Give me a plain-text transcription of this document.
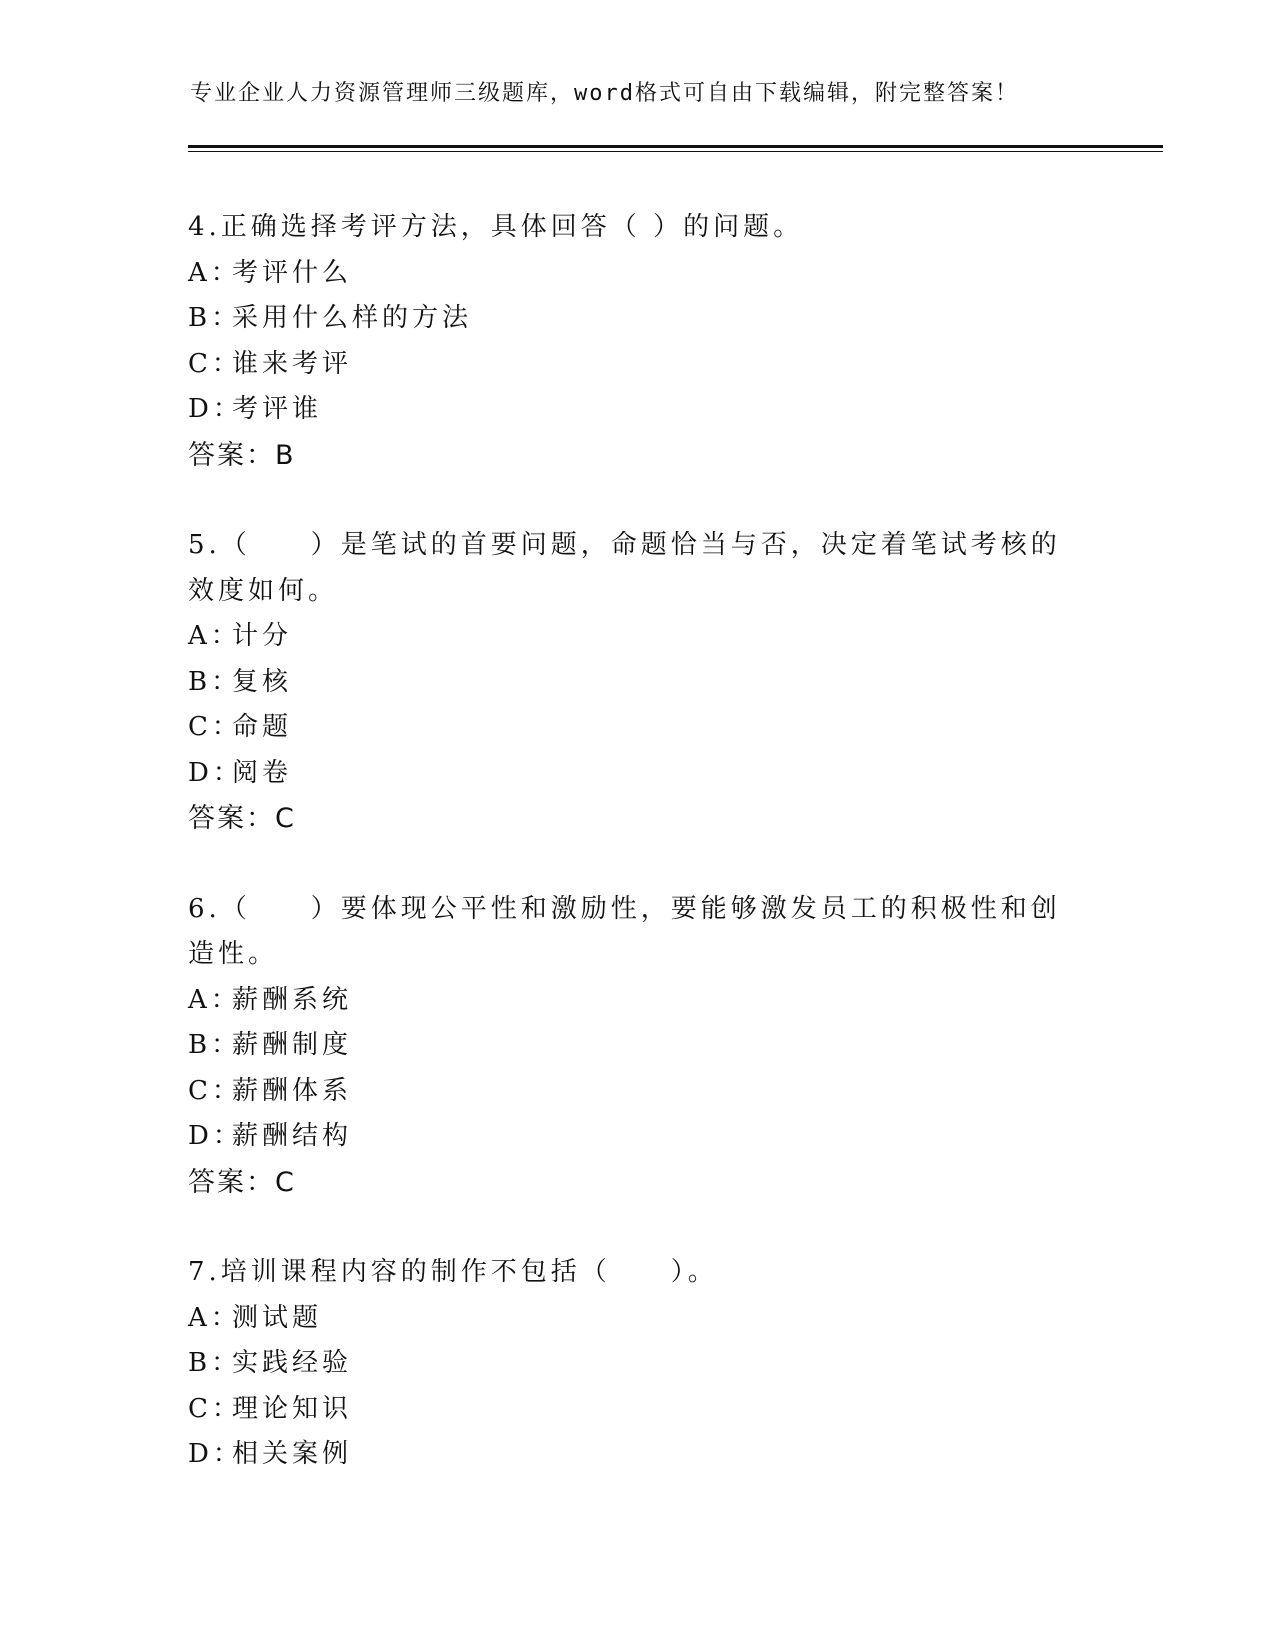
专业企业人力资源管理师三级题库，word格式可自由下载编辑，附完整答案！
4.正确选择考评方法，具体回答（ ）的问题。
A：考评什么
B：采用什么样的方法
C：谁来考评
D：考评谁
答案：B
5.（　　）是笔试的首要问题，命题恰当与否，决定着笔试考核的效度如何。
A：计分
B：复核
C：命题
D：阅卷
答案：C
6.（　　）要体现公平性和激励性，要能够激发员工的积极性和创造性。
A：薪酬系统
B：薪酬制度
C：薪酬体系
D：薪酬结构
答案：C
7.培训课程内容的制作不包括（　　）。
A：测试题
B：实践经验
C：理论知识
D：相关案例
